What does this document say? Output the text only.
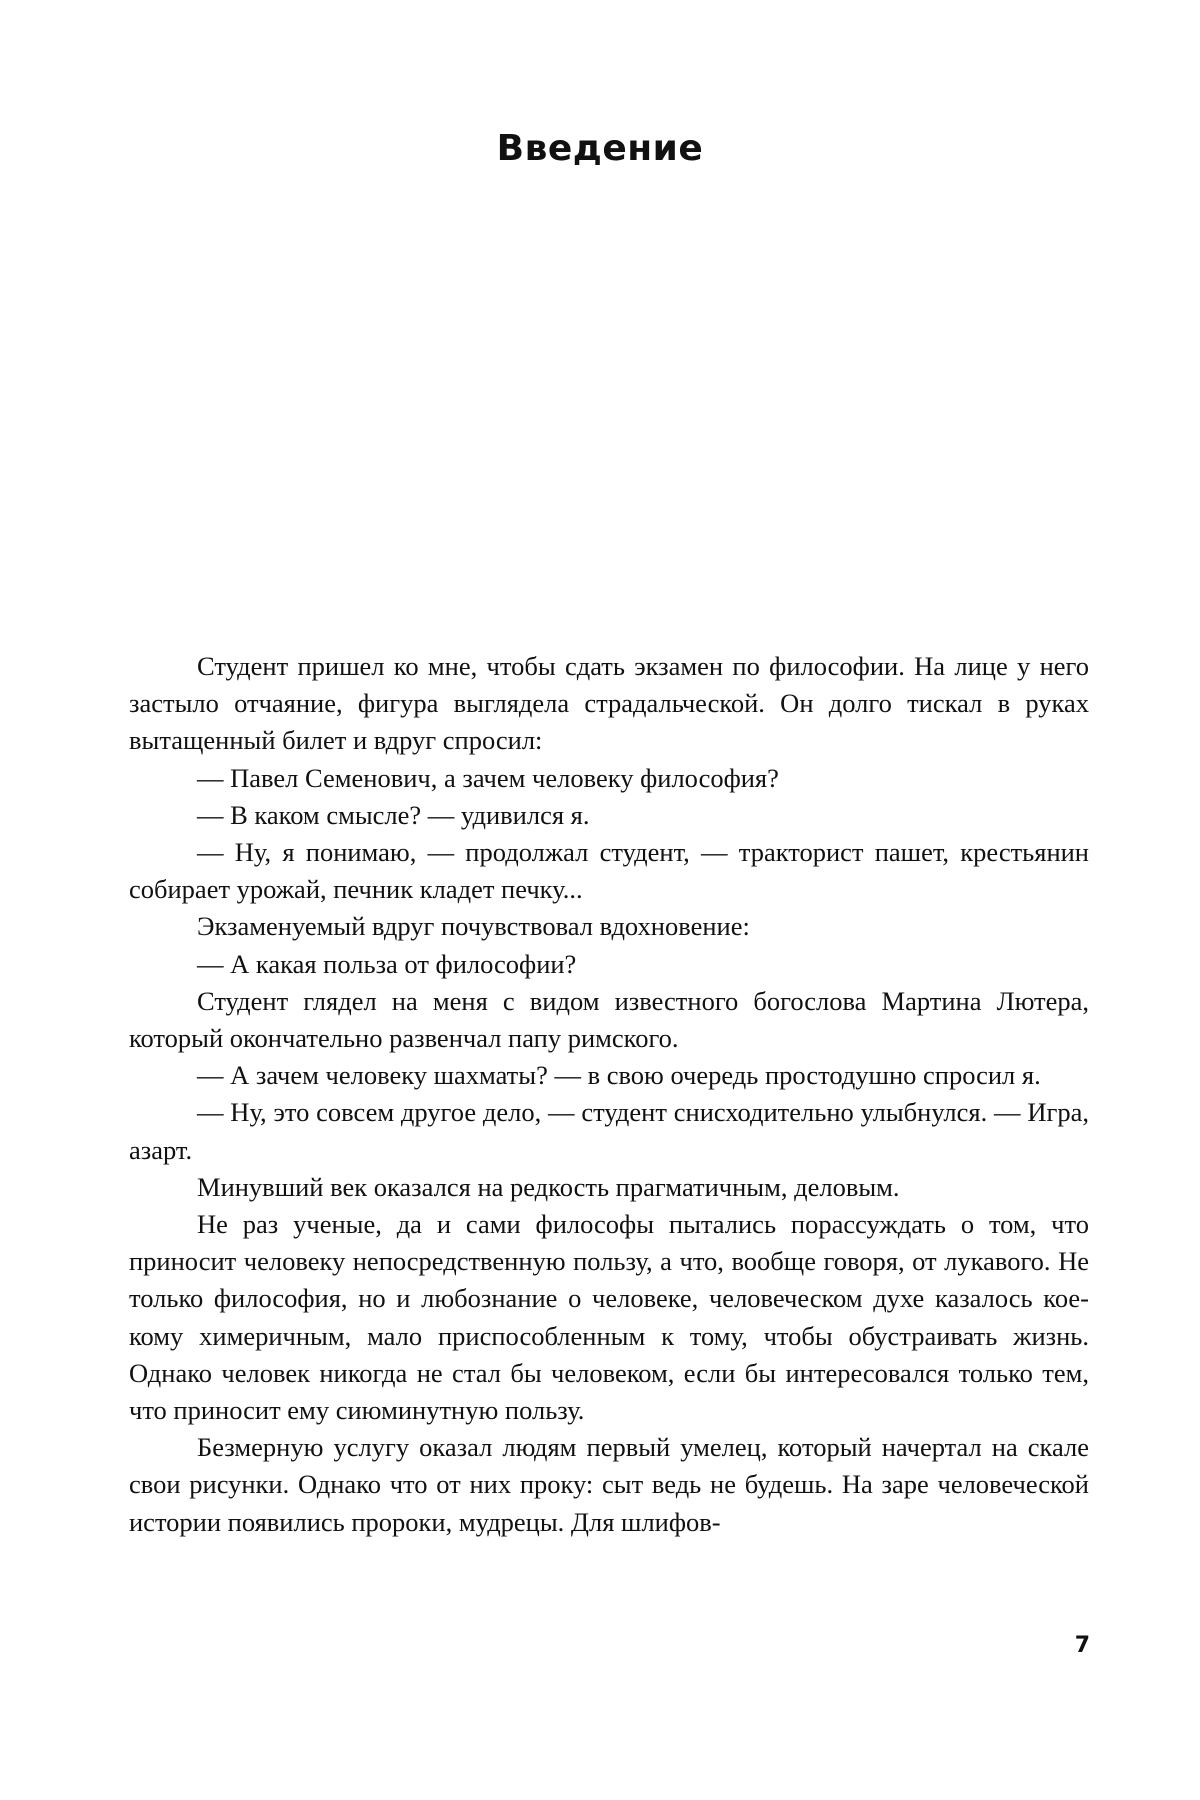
Введение

Студент пришел ко мне, чтобы сдать экзамен по философии. На лице у него застыло отчаяние, фигура выглядела страдальческой. Он долго тискал в руках вытащенный билет и вдруг спросил:

— Павел Семенович, а зачем человеку философия?

— В каком смысле? — удивился я.

— Ну, я понимаю, — продолжал студент, — тракторист пашет, крестьянин собирает урожай, печник кладет печку...

Экзаменуемый вдруг почувствовал вдохновение:

— А какая польза от философии?

Студент глядел на меня с видом известного богослова Мартина Лютера, который окончательно развенчал папу римского.

— А зачем человеку шахматы? — в свою очередь простодушно спросил я.

— Ну, это совсем другое дело, — студент снисходительно улыбнулся. — Игра, азарт.

Минувший век оказался на редкость прагматичным, деловым.

Не раз ученые, да и сами философы пытались порассуждать о том, что приносит человеку непосредственную пользу, а что, вообще говоря, от лукавого. Не только философия, но и любознание о человеке, человеческом духе казалось кое-кому химеричным, мало приспособленным к тому, чтобы обустраивать жизнь. Однако человек никогда не стал бы человеком, если бы интересовался только тем, что приносит ему сиюминутную пользу.

Безмерную услугу оказал людям первый умелец, который начертал на скале свои рисунки. Однако что от них проку: сыт ведь не будешь. На заре человеческой истории появились пророки, мудрецы. Для шлифов-

7
